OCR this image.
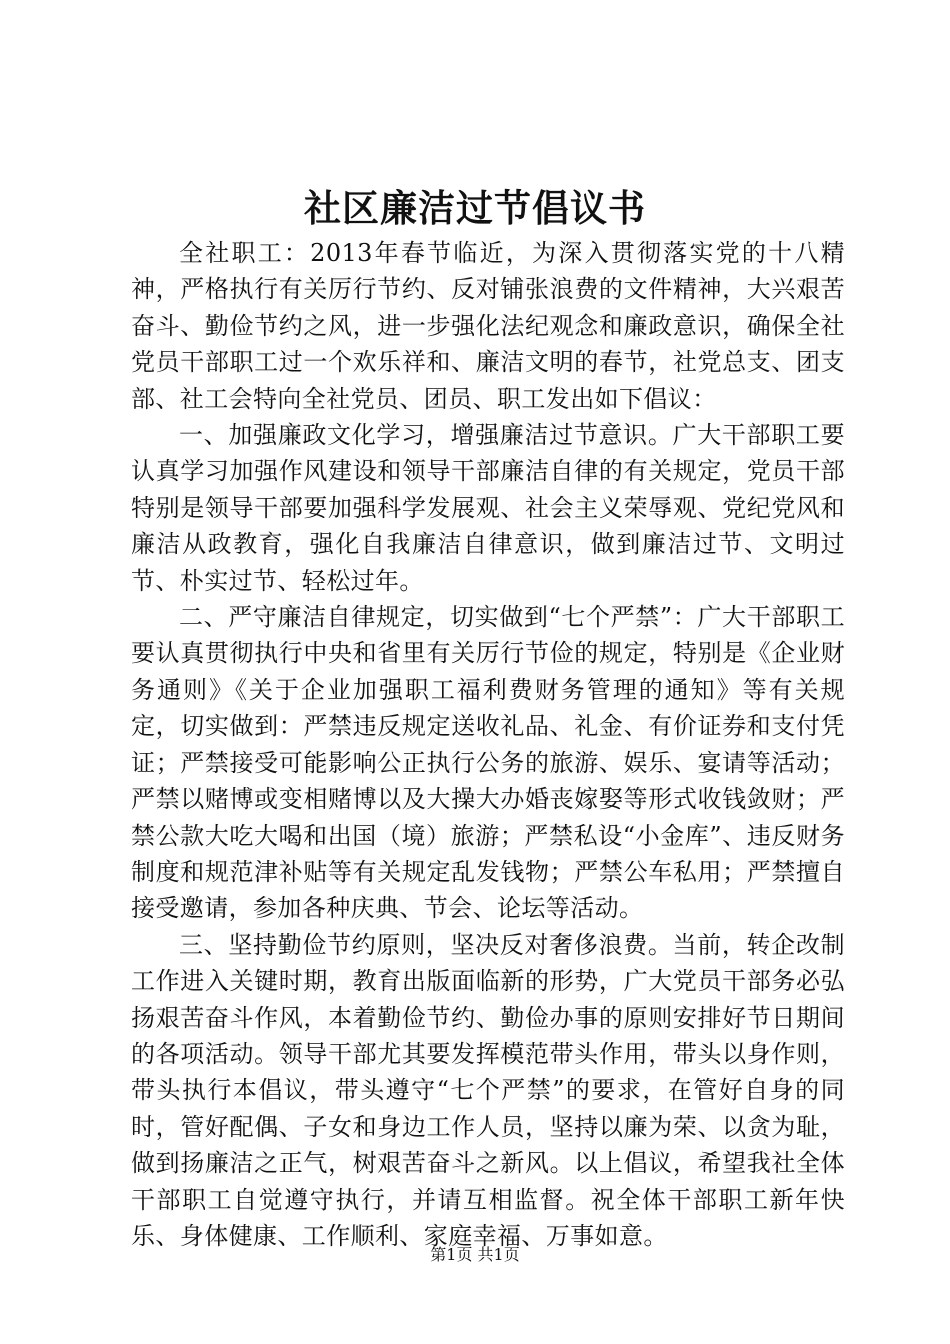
社区廉洁过节倡议书

全社职工：2013年春节临近，为深入贯彻落实党的十八精神，严格执行有关厉行节约、反对铺张浪费的文件精神，大兴艰苦奋斗、勤俭节约之风，进一步强化法纪观念和廉政意识，确保全社党员干部职工过一个欢乐祥和、廉洁文明的春节，社党总支、团支部、社工会特向全社党员、团员、职工发出如下倡议：

一、加强廉政文化学习，增强廉洁过节意识。广大干部职工要认真学习加强作风建设和领导干部廉洁自律的有关规定，党员干部特别是领导干部要加强科学发展观、社会主义荣辱观、党纪党风和廉洁从政教育，强化自我廉洁自律意识，做到廉洁过节、文明过节、朴实过节、轻松过年。

二、严守廉洁自律规定，切实做到“七个严禁”：广大干部职工要认真贯彻执行中央和省里有关厉行节俭的规定，特别是《企业财务通则》《关于企业加强职工福利费财务管理的通知》等有关规定，切实做到：严禁违反规定送收礼品、礼金、有价证券和支付凭证；严禁接受可能影响公正执行公务的旅游、娱乐、宴请等活动；严禁以赌博或变相赌博以及大操大办婚丧嫁娶等形式收钱敛财；严禁公款大吃大喝和出国（境）旅游；严禁私设“小金库”、违反财务制度和规范津补贴等有关规定乱发钱物；严禁公车私用；严禁擅自接受邀请，参加各种庆典、节会、论坛等活动。

三、坚持勤俭节约原则，坚决反对奢侈浪费。当前，转企改制工作进入关键时期，教育出版面临新的形势，广大党员干部务必弘扬艰苦奋斗作风，本着勤俭节约、勤俭办事的原则安排好节日期间的各项活动。领导干部尤其要发挥模范带头作用，带头以身作则，带头执行本倡议，带头遵守“七个严禁”的要求，在管好自身的同时，管好配偶、子女和身边工作人员，坚持以廉为荣、以贪为耻，做到扬廉洁之正气，树艰苦奋斗之新风。以上倡议，希望我社全体干部职工自觉遵守执行，并请互相监督。祝全体干部职工新年快乐、身体健康、工作顺利、家庭幸福、万事如意。

第1页 共1页
